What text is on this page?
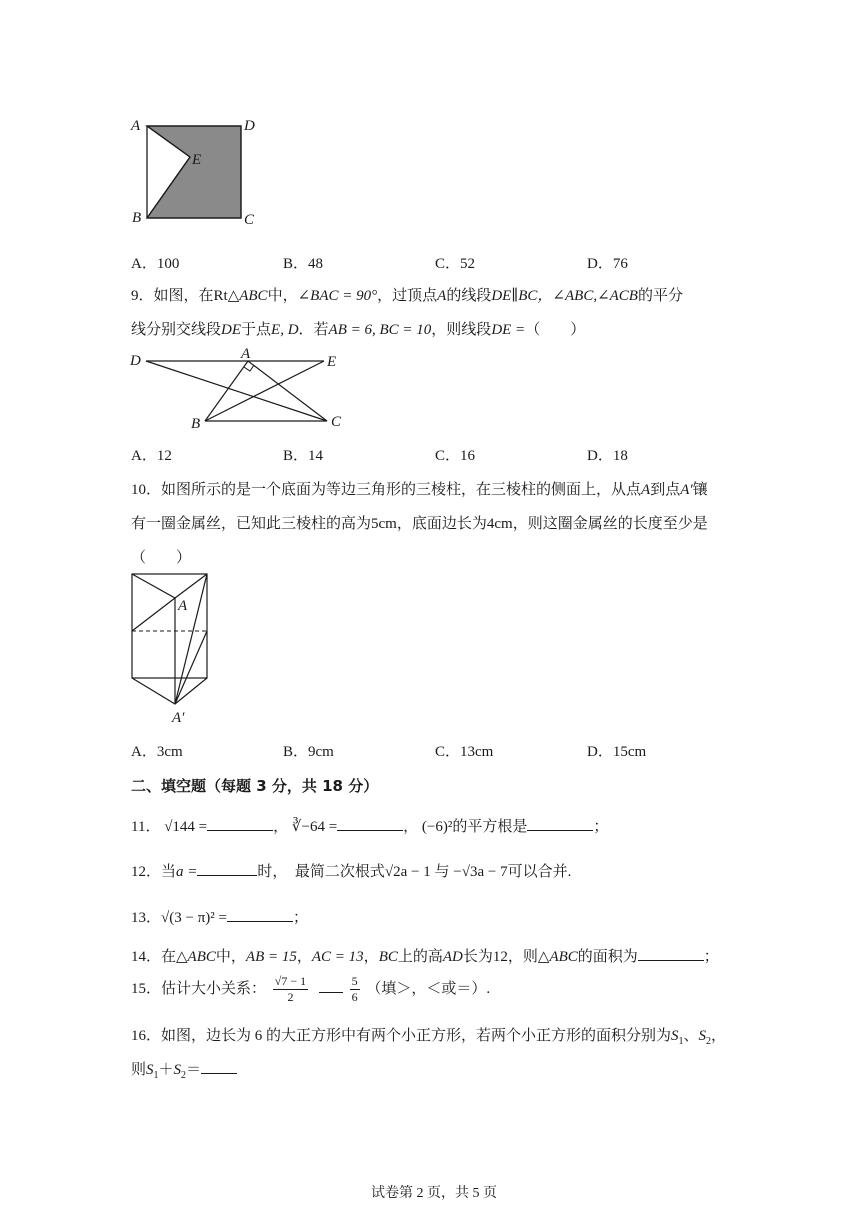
A	D
E
B	C
A．100	B．48	C．52	D．76
9．如图，在Rt△ABC中，∠BAC = 90°，过顶点A的线段DE∥BC，∠ABC,∠ACB的平分
线分别交线段DE于点E, D．若AB = 6, BC = 10，则线段DE =（　　）
D	A	E
B	C
A．12	B．14	C．16	D．18
10．如图所示的是一个底面为等边三角形的三棱柱，在三棱柱的侧面上，从点A到点A′镶
有一圈金属丝，已知此三棱柱的高为5cm，底面边长为4cm，则这圈金属丝的长度至少是
（　　）
A
A′
A．3cm	B．9cm	C．13cm	D．15cm
二、填空题（每题 3 分，共 18 分）
11． √144 =	， ∛−64 =	， (−6)²的平方根是	；
12．当a =	时，　最简二次根式√2a − 1 与 −√3a − 7可以合并.
13．√(3 − π)² =	；
14．在△ABC中，AB = 15，AC = 13，BC上的高AD长为12，则△ABC的面积为	；
15．估计大小关系： $\frac{√7 - 1}{2}$
	$\frac{5}{6}$ （填＞，＜或＝）.
16．如图，边长为 6 的大正方形中有两个小正方形，若两个小正方形的面积分别为$S_1$、$S_2$，
则$S_1+S_2=$
试卷第 2 页，共 5 页
